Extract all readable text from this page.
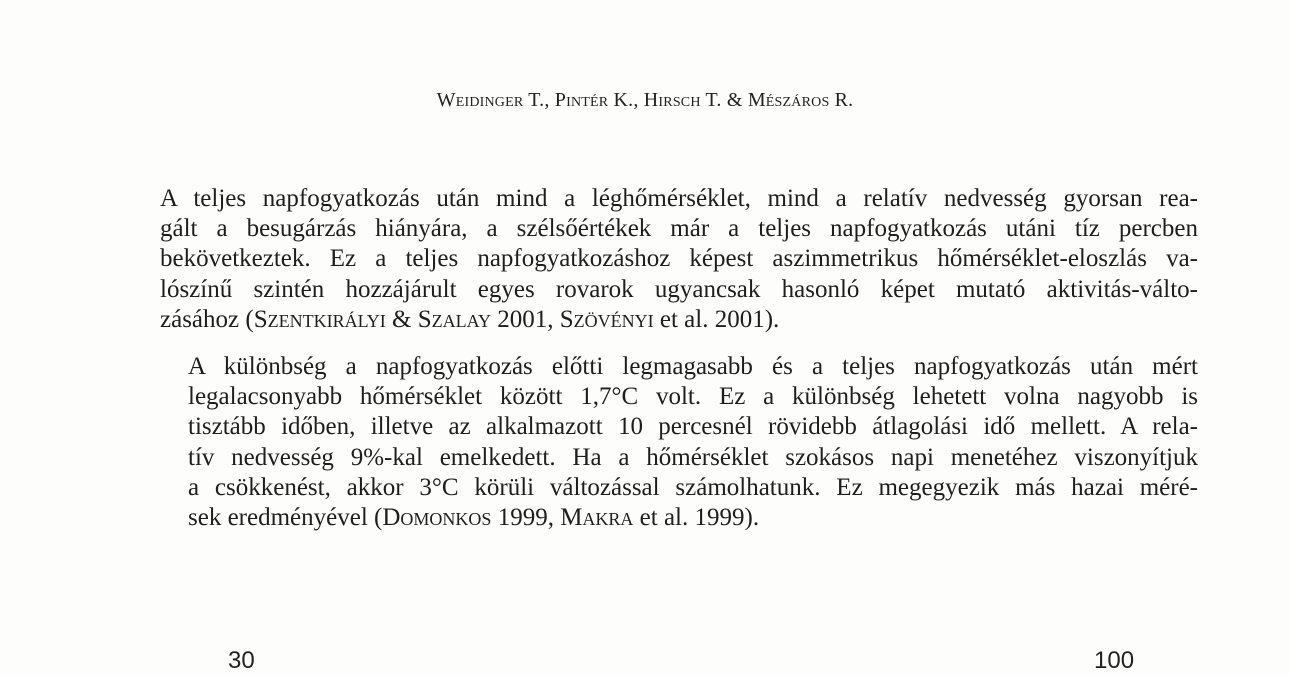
Weidinger T., Pintér K., Hirsch T. & Mészáros R.

A teljes napfogyatkozás után mind a léghőmérséklet, mind a relatív nedvesség gyorsan rea-
gált a besugárzás hiányára, a szélsőértékek már a teljes napfogyatkozás utáni tíz percben
bekövetkeztek. Ez a teljes napfogyatkozáshoz képest aszimmetrikus hőmérséklet-eloszlás va-
lószínű szintén hozzájárult egyes rovarok ugyancsak hasonló képet mutató aktivitás-válto-
zásához (Szentkirályi & Szalay 2001, Szövényi et al. 2001).

A különbség a napfogyatkozás előtti legmagasabb és a teljes napfogyatkozás után mért
legalacsonyabb hőmérséklet között 1,7°C volt. Ez a különbség lehetett volna nagyobb is
tisztább időben, illetve az alkalmazott 10 percesnél rövidebb átlagolási idő mellett. A rela-
tív nedvesség 9%-kal emelkedett. Ha a hőmérséklet szokásos napi menetéhez viszonyítjuk
a csökkenést, akkor 3°C körüli változással számolhatunk. Ez megegyezik más hazai méré-
sek eredményével (Domonkos 1999, Makra et al. 1999).

30	100
